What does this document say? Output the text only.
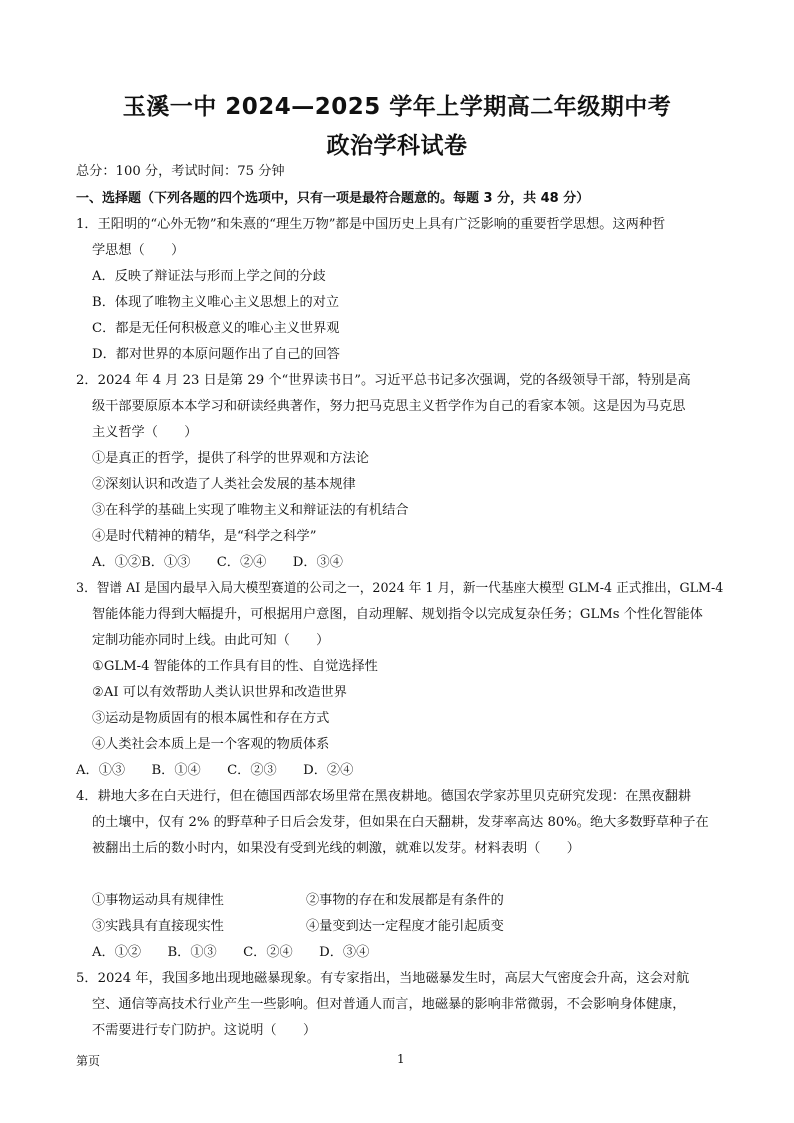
玉溪一中 2024—2025 学年上学期高二年级期中考
政治学科试卷
总分：100 分，考试时间：75 分钟
一、选择题（下列各题的四个选项中，只有一项是最符合题意的。每题 3 分，共 48 分）
1．王阳明的“心外无物”和朱熹的“理生万物”都是中国历史上具有广泛影响的重要哲学思想。这两种哲
学思想（　　）
A．反映了辩证法与形而上学之间的分歧
B．体现了唯物主义唯心主义思想上的对立
C．都是无任何积极意义的唯心主义世界观
D．都对世界的本原问题作出了自己的回答
2．2024 年 4 月 23 日是第 29 个“世界读书日”。习近平总书记多次强调，党的各级领导干部，特别是高
级干部要原原本本学习和研读经典著作，努力把马克思主义哲学作为自己的看家本领。这是因为马克思
主义哲学（　　）
①是真正的哲学，提供了科学的世界观和方法论
②深刻认识和改造了人类社会发展的基本规律
③在科学的基础上实现了唯物主义和辩证法的有机结合
④是时代精神的精华，是“科学之科学”
A．①②B．①③　　C．②④　　D．③④
3．智谱 AI 是国内最早入局大模型赛道的公司之一，2024 年 1 月，新一代基座大模型 GLM-4 正式推出，GLM-4
智能体能力得到大幅提升，可根据用户意图，自动理解、规划指令以完成复杂任务；GLMs 个性化智能体
定制功能亦同时上线。由此可知（　　）
①GLM-4 智能体的工作具有目的性、自觉选择性
②AI 可以有效帮助人类认识世界和改造世界
③运动是物质固有的根本属性和存在方式
④人类社会本质上是一个客观的物质体系
A．①③　　B．①④　　C．②③　　D．②④
4．耕地大多在白天进行，但在德国西部农场里常在黑夜耕地。德国农学家苏里贝克研究发现：在黑夜翻耕
的土壤中，仅有 2% 的野草种子日后会发芽，但如果在白天翻耕，发芽率高达 80%。绝大多数野草种子在
被翻出土后的数小时内，如果没有受到光线的刺激，就难以发芽。材料表明（　　）
①事物运动具有规律性	②事物的存在和发展都是有条件的
③实践具有直接现实性	④量变到达一定程度才能引起质变
A．①②　　B．①③　　C．②④　　D．③④
5．2024 年，我国多地出现地磁暴现象。有专家指出，当地磁暴发生时，高层大气密度会升高，这会对航
空、通信等高技术行业产生一些影响。但对普通人而言，地磁暴的影响非常微弱，不会影响身体健康，
不需要进行专门防护。这说明（　　）
第页	1
